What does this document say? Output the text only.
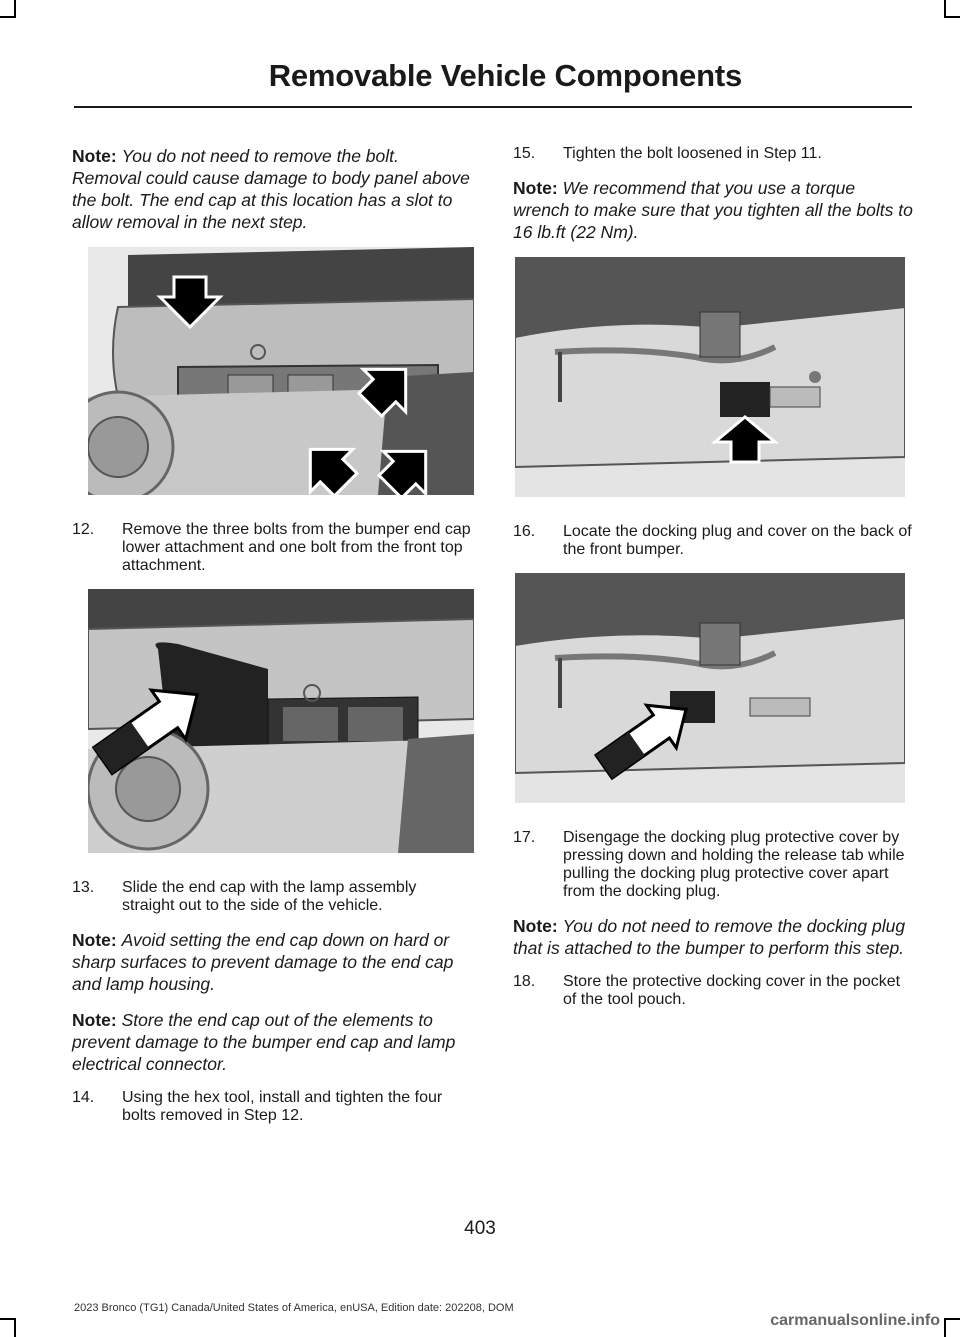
Removable Vehicle Components

Note: You do not need to remove the bolt. Removal could cause damage to body panel above the bolt. The end cap at this location has a slot to allow removal in the next step.

12.	Remove the three bolts from the bumper end cap lower attachment and one bolt from the front top attachment.
13.	Slide the end cap with the lamp assembly straight out to the side of the vehicle.

Note: Avoid setting the end cap down on hard or sharp surfaces to prevent damage to the end cap and lamp housing.

Note: Store the end cap out of the elements to prevent damage to the bumper end cap and lamp electrical connector.

14.	Using the hex tool, install and tighten the four bolts removed in Step 12.
15.	Tighten the bolt loosened in Step 11.

Note: We recommend that you use a torque wrench to make sure that you tighten all the bolts to 16 lb.ft (22 Nm).

16.	Locate the docking plug and cover on the back of the front bumper.
17.	Disengage the docking plug protective cover by pressing down and holding the release tab while pulling the docking plug protective cover apart from the docking plug.

Note: You do not need to remove the docking plug that is attached to the bumper to perform this step.

18.	Store the protective docking cover in the pocket of the tool pouch.
403
2023 Bronco (TG1) Canada/United States of America, enUSA, Edition date: 202208, DOM
carmanualsonline.info
